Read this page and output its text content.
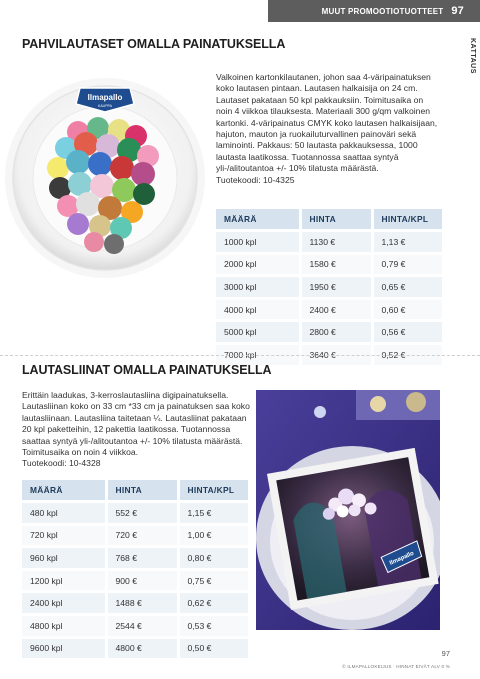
MUUT PROMOOTIOTUOTTEET 97
KATTAUS
PAHVILAUTASET OMALLA PAINATUKSELLA
Ilmapallo
KAUPPA

Valkoinen kartonkilautanen, johon saa 4-väripainatuksen koko lautasen pintaan. Lautasen halkaisija on 24 cm. Lautaset pakataan 50 kpl pakkauksiin. Toimitusaika on noin 4 viikkoa tilauksesta. Materiaali 300 g/qm valkoinen kartonki. 4-väripainatus CMYK koko lautasen halkaisijaan, hajuton, mauton ja ruokailuturvallinen painoväri sekä laminointi. Pakkaus: 50 lautasta pakkauksessa, 1000 lautasta laatikossa. Tuotannossa saattaa syntyä yli-/alitoutantoa +/- 10% tilatusta määrästä.
Tuotekoodi: 10-4325

MÄÄRÄ	HINTA	HINTA/KPL
1000 kpl	1130 €	1,13 €
2000 kpl	1580 €	0,79 €
3000 kpl	1950 €	0,65 €
4000 kpl	2400 €	0,60 €
5000 kpl	2800 €	0,56 €
7000 kpl	3640 €	0,52 €
LAUTASLIINAT OMALLA PAINATUKSELLA

Erittäin laadukas, 3-kerroslautasliina digipainatuksella. Lautasliinan koko on 33 cm *33 cm ja painatuksen saa koko lautasliinaan. Lautasliina taitetaan ¼. Lautasliinat pakataan 20 kpl paketteihin, 12 pakettia laatikossa. Tuotannossa saattaa syntyä yli-/alitoutantoa +/- 10% tilatusta määrästä. Toimitusaika on noin 4 viikkoa.
Tuotekoodi: 10-4328

MÄÄRÄ	HINTA	HINTA/KPL
480 kpl	552 €	1,15 €
720 kpl	720 €	1,00 €
960 kpl	768 €	0,80 €
1200 kpl	900 €	0,75 €
2400 kpl	1488 €	0,62 €
4800 kpl	2544 €	0,53 €
9600 kpl	4800 €	0,50 €
Ilmapallo
97
© ILMAPALLOKEIJUS · HINNAT EIVÄT ALV 0 %
